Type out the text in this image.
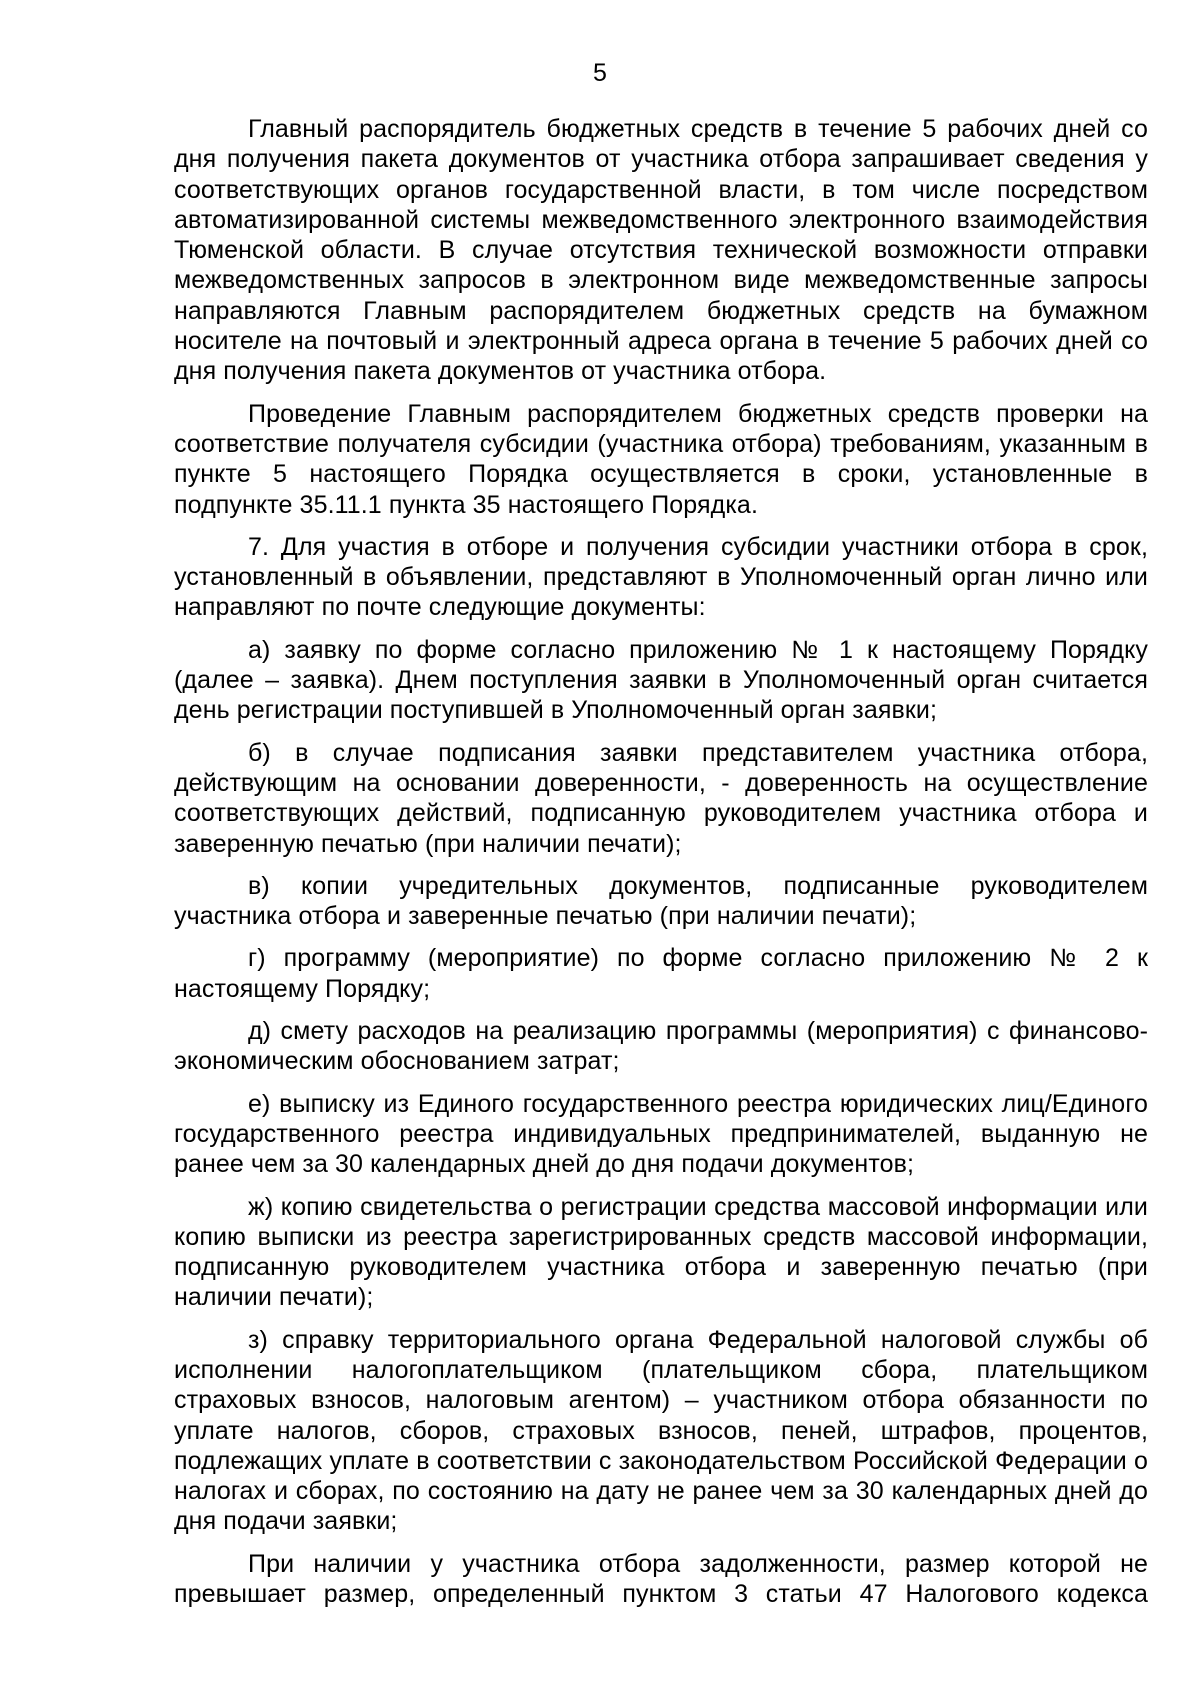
5

Главный распорядитель бюджетных средств в течение 5 рабочих дней со дня получения пакета документов от участника отбора запрашивает сведения у соответствующих органов государственной власти, в том числе посредством автоматизированной системы межведомственного электронного взаимодействия Тюменской области. В случае отсутствия технической возможности отправки межведомственных запросов в электронном виде межведомственные запросы направляются Главным распорядителем бюджетных средств на бумажном носителе на почтовый и электронный адреса органа в течение 5 рабочих дней со дня получения пакета документов от участника отбора.

Проведение Главным распорядителем бюджетных средств проверки на соответствие получателя субсидии (участника отбора) требованиям, указанным в пункте 5 настоящего Порядка осуществляется в сроки, установленные в подпункте 35.11.1 пункта 35 настоящего Порядка.

7. Для участия в отборе и получения субсидии участники отбора в срок, установленный в объявлении, представляют в Уполномоченный орган лично или направляют по почте следующие документы:

а) заявку по форме согласно приложению № 1 к настоящему Порядку (далее – заявка). Днем поступления заявки в Уполномоченный орган считается день регистрации поступившей в Уполномоченный орган заявки;

б) в случае подписания заявки представителем участника отбора, действующим на основании доверенности, - доверенность на осуществление соответствующих действий, подписанную руководителем участника отбора и заверенную печатью (при наличии печати);

в) копии учредительных документов, подписанные руководителем участника отбора и заверенные печатью (при наличии печати);

г) программу (мероприятие) по форме согласно приложению № 2 к настоящему Порядку;

д) смету расходов на реализацию программы (мероприятия) с финансово-экономическим обоснованием затрат;

е) выписку из Единого государственного реестра юридических лиц/Единого государственного реестра индивидуальных предпринимателей, выданную не ранее чем за 30 календарных дней до дня подачи документов;

ж) копию свидетельства о регистрации средства массовой информации или копию выписки из реестра зарегистрированных средств массовой информации, подписанную руководителем участника отбора и заверенную печатью (при наличии печати);

з) справку территориального органа Федеральной налоговой службы об исполнении налогоплательщиком (плательщиком сбора, плательщиком страховых взносов, налоговым агентом) – участником отбора обязанности по уплате налогов, сборов, страховых взносов, пеней, штрафов, процентов, подлежащих уплате в соответствии с законодательством Российской Федерации о налогах и сборах, по состоянию на дату не ранее чем за 30 календарных дней до дня подачи заявки;

При наличии у участника отбора задолженности, размер которой не превышает размер, определенный пунктом 3 статьи 47 Налогового кодекса
